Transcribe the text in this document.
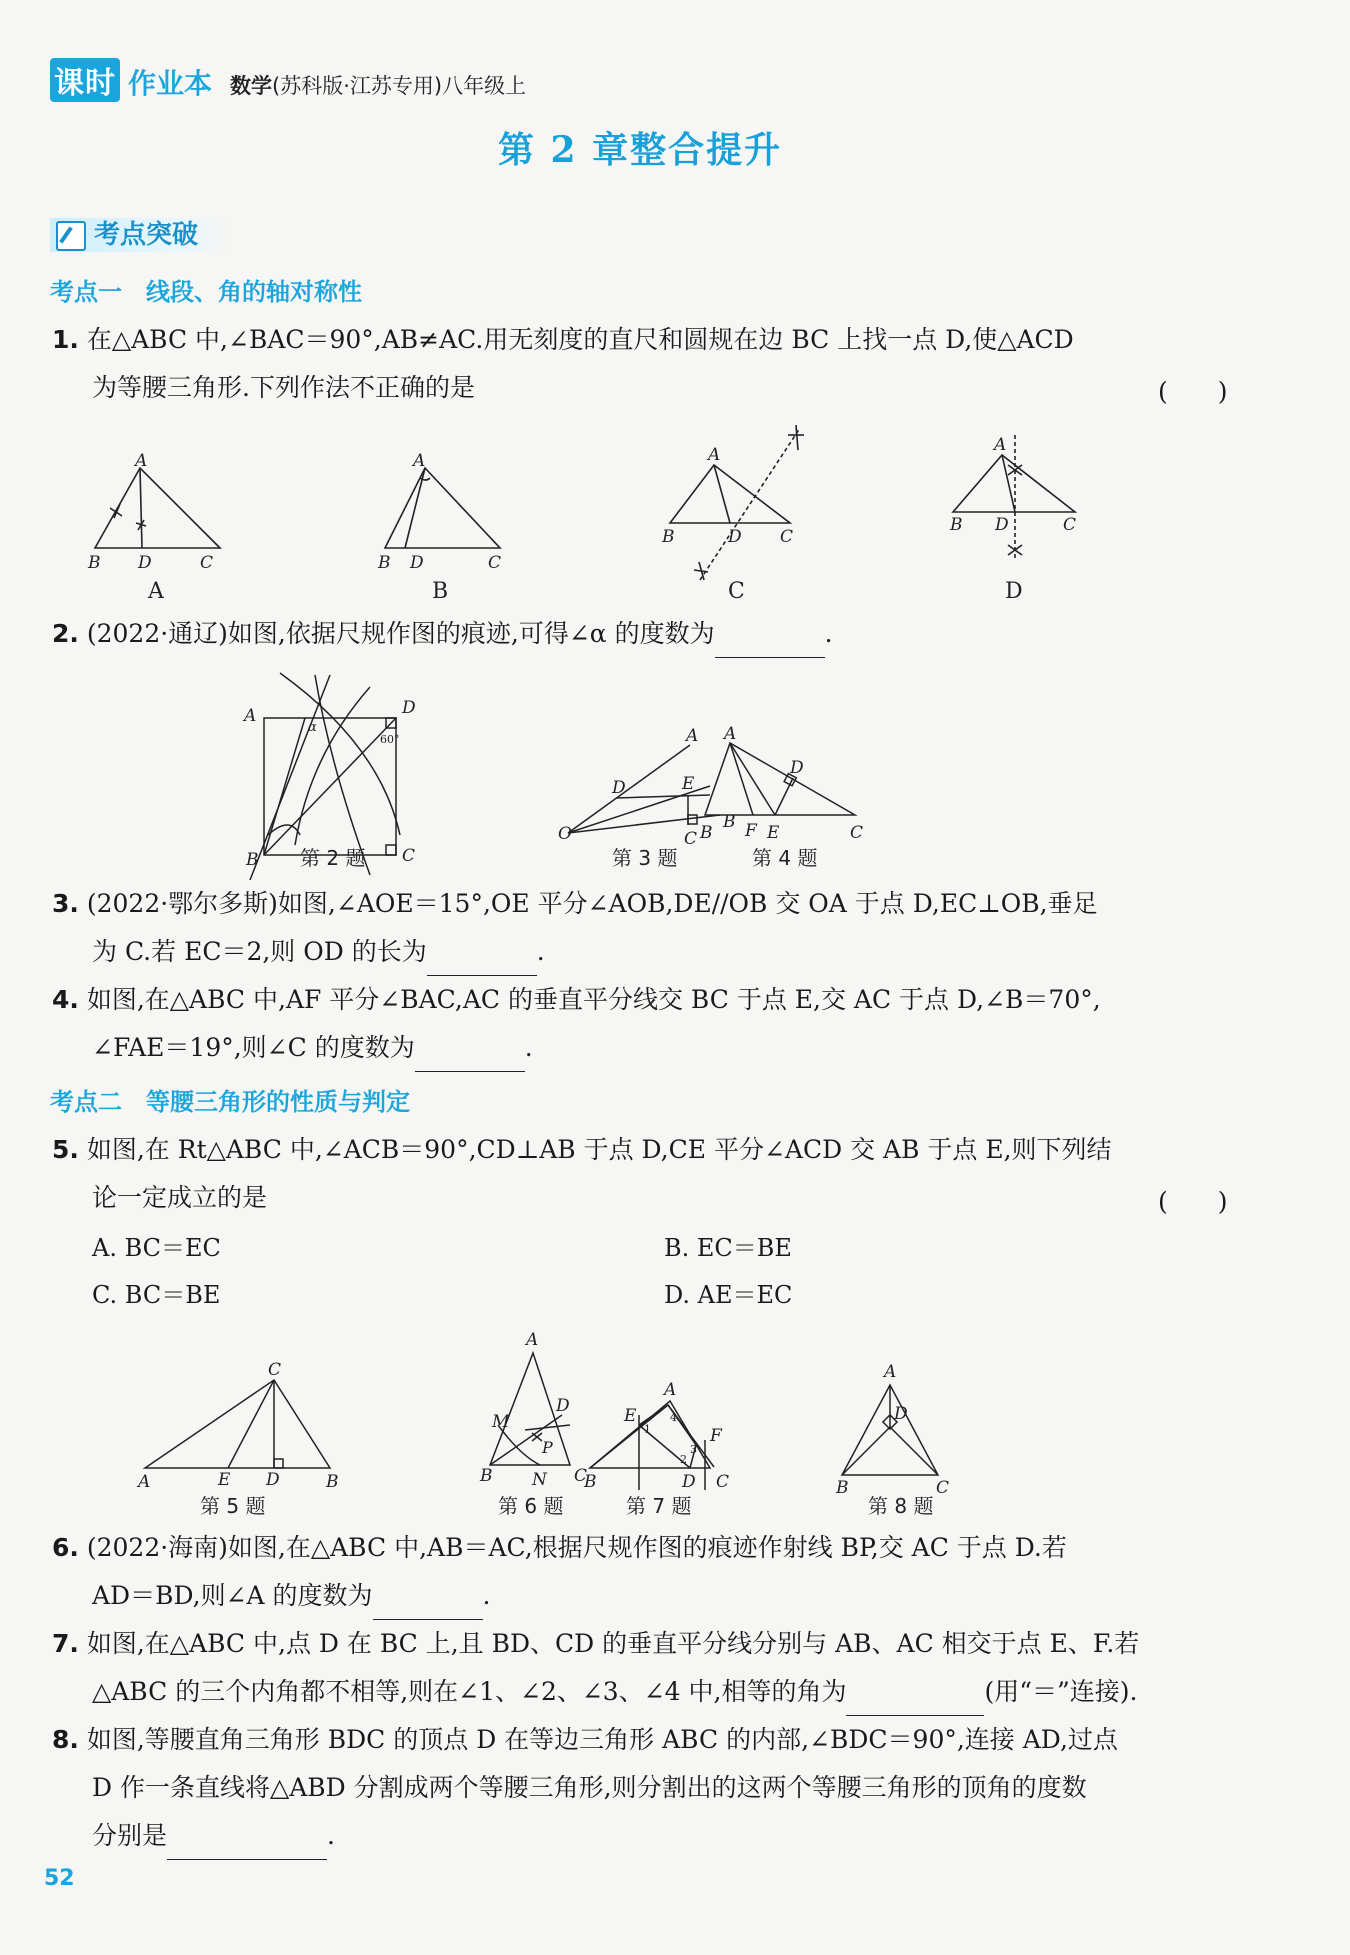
课时 作业本 数学(苏科版·江苏专用)八年级上
第 2 章整合提升
考点突破
考点一　线段、角的轴对称性
1. 在△ABC 中,∠BAC＝90°,AB≠AC.用无刻度的直尺和圆规在边 BC 上找一点 D,使△ACD
为等腰三角形.下列作法不正确的是	(　　)
A
B D	C
A
A
B D	C
B
A
B	D C
C
A
B D	C
D
2. (2022·通辽)如图,依据尺规作图的痕迹,可得∠α 的度数为	.
A	D
B	C
α
60°
第 2 题
A
D	E
O	C
B
第 3 题
A
D
B F E	C
第 4 题
3. (2022·鄂尔多斯)如图,∠AOE＝15°,OE 平分∠AOB,DE//OB 交 OA 于点 D,EC⊥OB,垂足
为 C.若 EC＝2,则 OD 的长为	.
4. 如图,在△ABC 中,AF 平分∠BAC,AC 的垂直平分线交 BC 于点 E,交 AC 于点 D,∠B＝70°,
∠FAE＝19°,则∠C 的度数为	.
考点二　等腰三角形的性质与判定
5. 如图,在 Rt△ABC 中,∠ACB＝90°,CD⊥AB 于点 D,CE 平分∠ACD 交 AB 于点 E,则下列结
论一定成立的是	(　　)
A. BC＝EC	B. EC＝BE
C. BC＝BE	D. AE＝EC
C
A	E D	B
第 5 题
A
M
D
P
B N C
第 6 题
A
E
F
B	D C
1
4
2
3
第 7 题
A
D
B	C
第 8 题
6. (2022·海南)如图,在△ABC 中,AB＝AC,根据尺规作图的痕迹作射线 BP,交 AC 于点 D.若
AD＝BD,则∠A 的度数为	.
7. 如图,在△ABC 中,点 D 在 BC 上,且 BD、CD 的垂直平分线分别与 AB、AC 相交于点 E、F.若
△ABC 的三个内角都不相等,则在∠1、∠2、∠3、∠4 中,相等的角为	(用“＝”连接).
8. 如图,等腰直角三角形 BDC 的顶点 D 在等边三角形 ABC 的内部,∠BDC＝90°,连接 AD,过点
D 作一条直线将△ABD 分割成两个等腰三角形,则分割出的这两个等腰三角形的顶角的度数
分别是	.
52
